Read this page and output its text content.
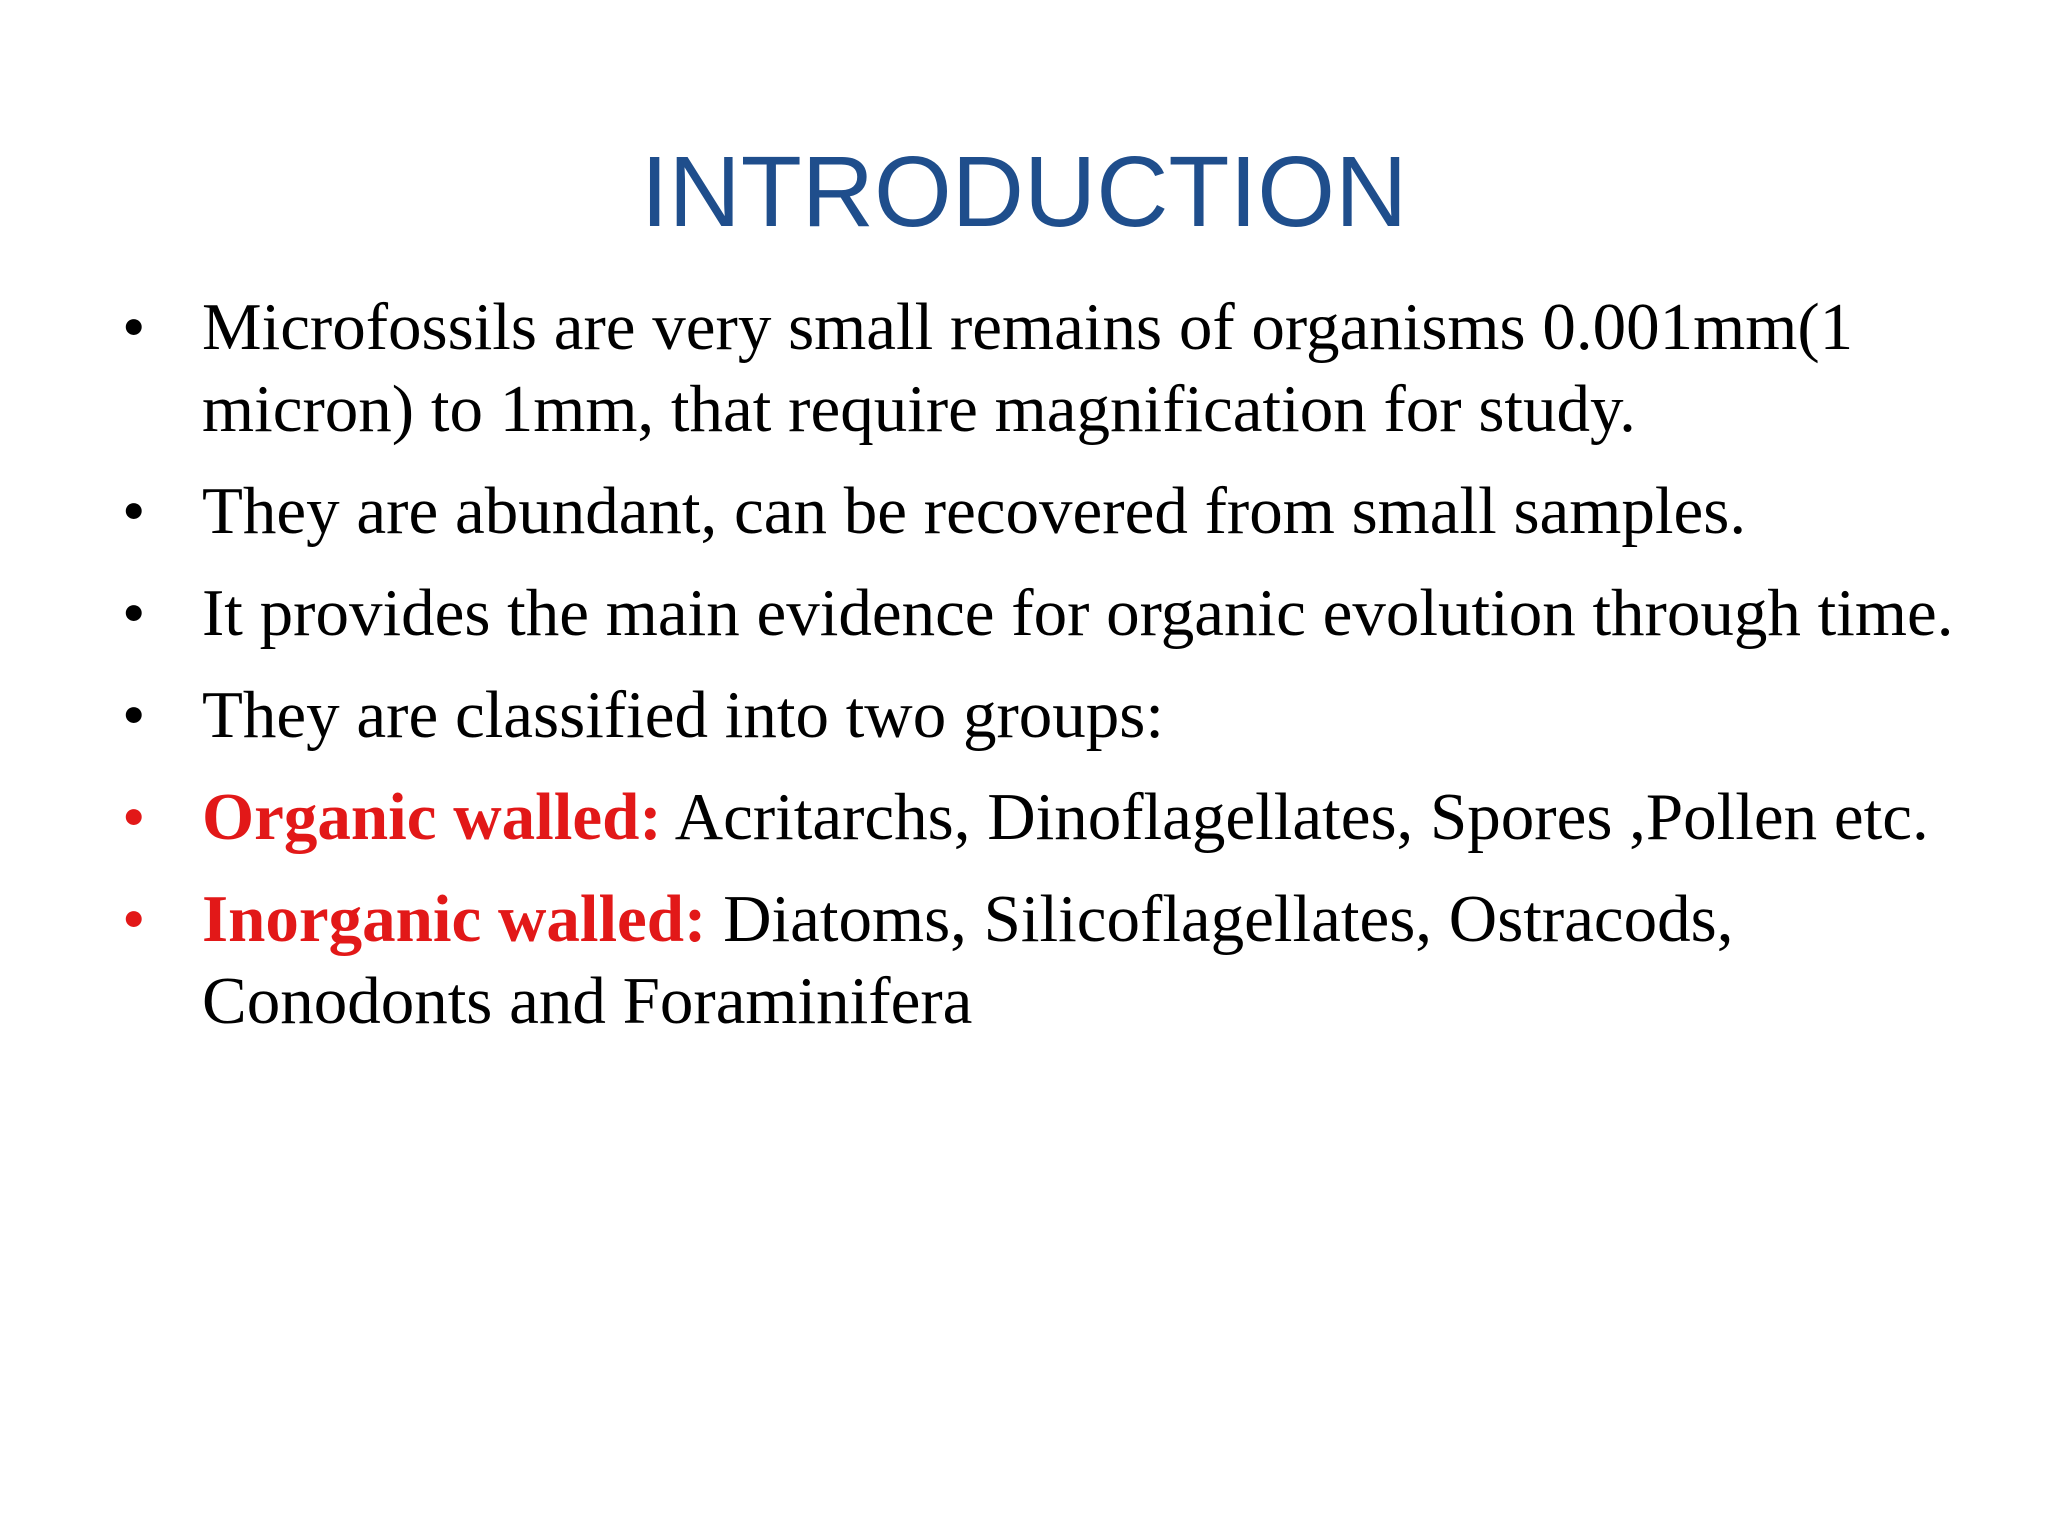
INTRODUCTION
• Microfossils are very small remains of organisms 0.001mm(1 micron) to 1mm, that require magnification for study.
• They are abundant, can be recovered from small samples.
• It provides the main evidence for organic evolution through time.
• They are classified into two groups:
• Organic walled: Acritarchs, Dinoflagellates, Spores ,Pollen etc.
• Inorganic walled: Diatoms, Silicoflagellates, Ostracods, Conodonts and Foraminifera
